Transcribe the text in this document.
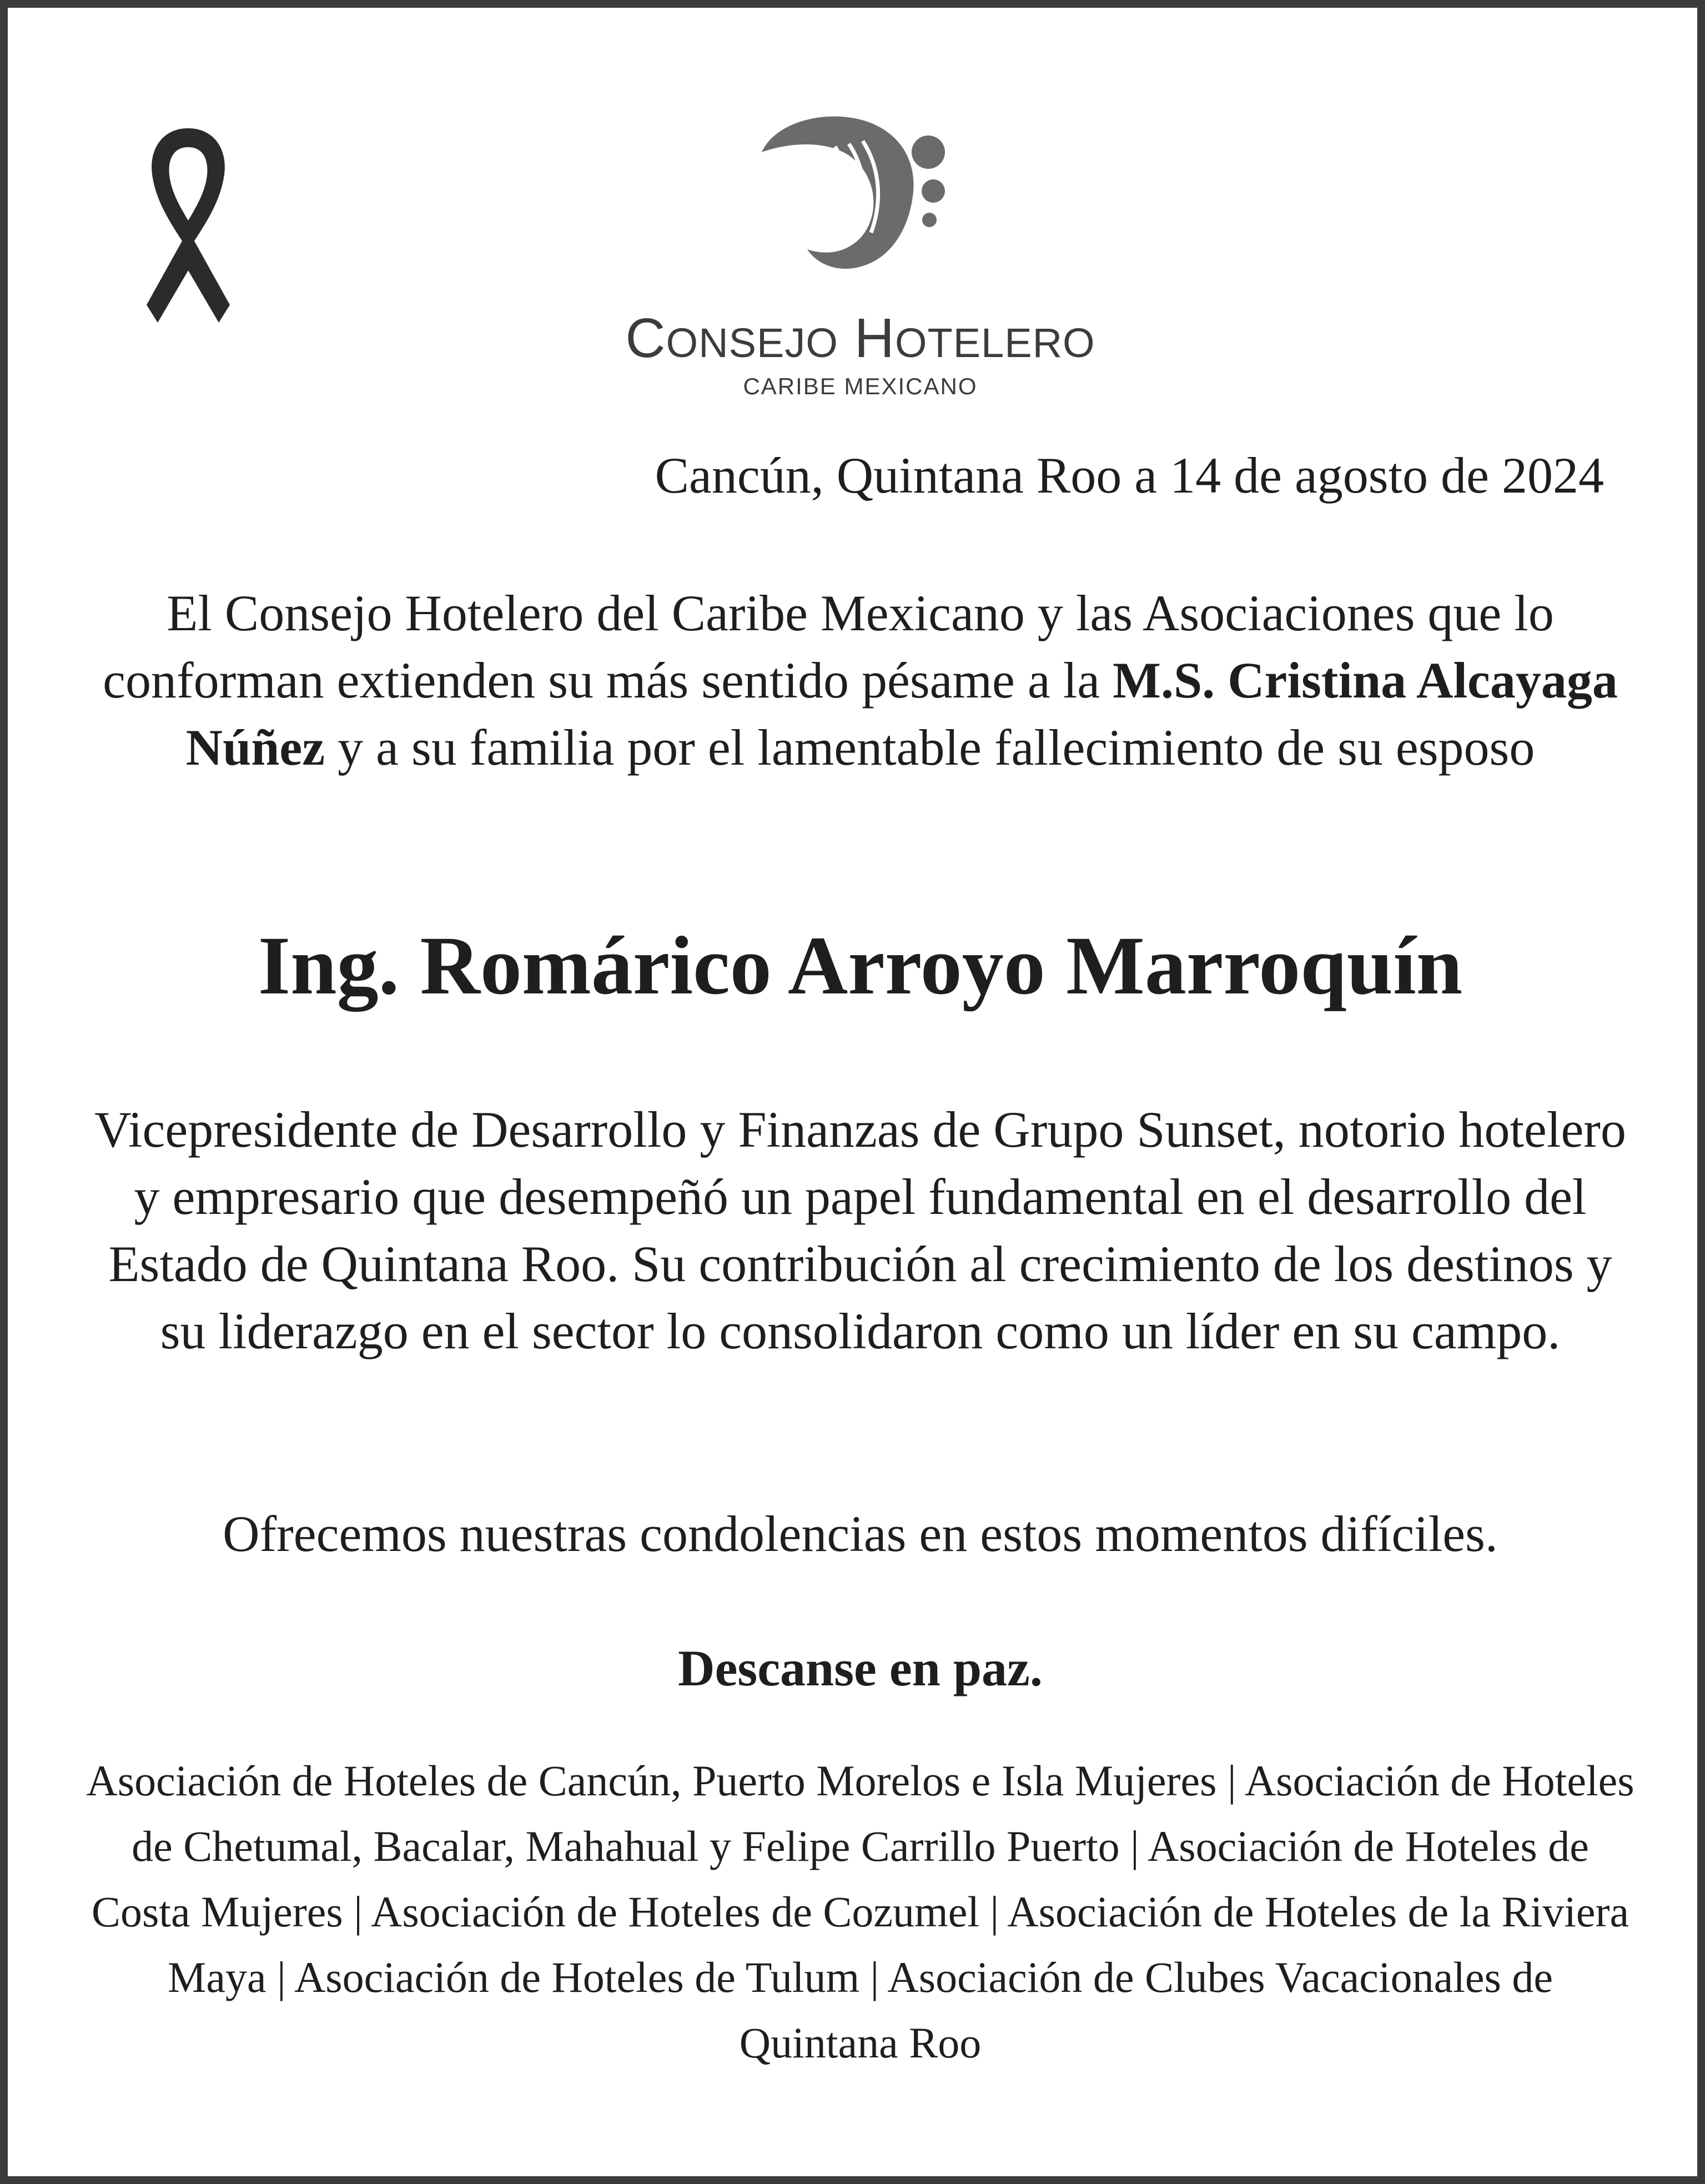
CONSEJO HOTELERO
CARIBE MEXICANO
Cancún, Quintana Roo a 14 de agosto de 2024
El Consejo Hotelero del Caribe Mexicano y las Asociaciones que lo conforman extienden su más sentido pésame a la M.S. Cristina Alcayaga Núñez y a su familia por el lamentable fallecimiento de su esposo
Ing. Romárico Arroyo Marroquín
Vicepresidente de Desarrollo y Finanzas de Grupo Sunset, notorio hotelero y empresario que desempeñó un papel fundamental en el desarrollo del Estado de Quintana Roo. Su contribución al crecimiento de los destinos y su liderazgo en el sector lo consolidaron como un líder en su campo.
Ofrecemos nuestras condolencias en estos momentos difíciles.
Descanse en paz.
Asociación de Hoteles de Cancún, Puerto Morelos e Isla Mujeres | Asociación de Hoteles de Chetumal, Bacalar, Mahahual y Felipe Carrillo Puerto | Asociación de Hoteles de Costa Mujeres | Asociación de Hoteles de Cozumel | Asociación de Hoteles de la Riviera Maya | Asociación de Hoteles de Tulum | Asociación de Clubes Vacacionales de Quintana Roo
